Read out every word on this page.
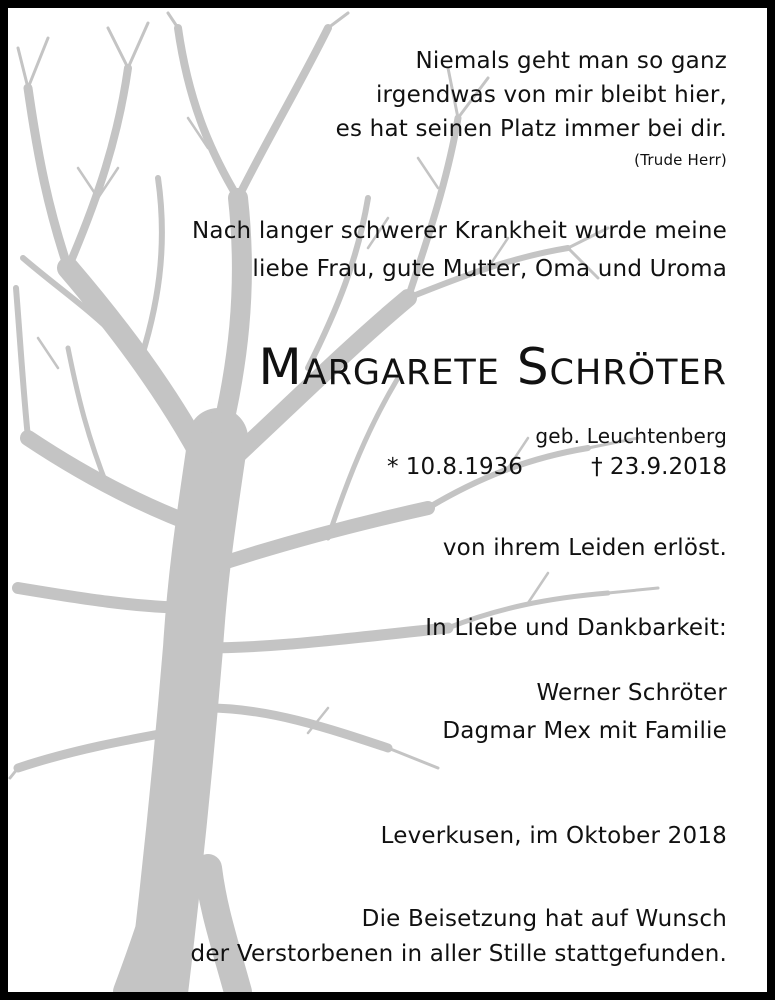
Niemals geht man so ganz
irgendwas von mir bleibt hier,
es hat seinen Platz immer bei dir.
(Trude Herr)
Nach langer schwerer Krankheit wurde meine
liebe Frau, gute Mutter, Oma und Uroma
Margarete Schröter
geb. Leuchtenberg
* 10.8.1936	† 23.9.2018
von ihrem Leiden erlöst.
In Liebe und Dankbarkeit:
Werner Schröter
Dagmar Mex mit Familie
Leverkusen, im Oktober 2018
Die Beisetzung hat auf Wunsch
der Verstorbenen in aller Stille stattgefunden.
